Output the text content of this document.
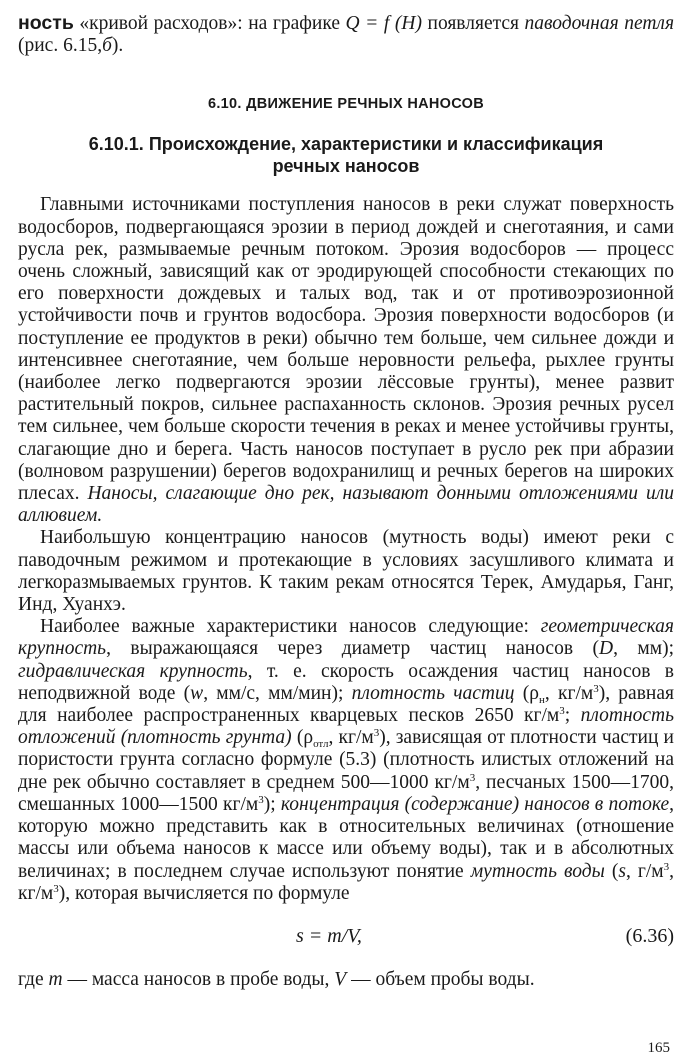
ность «кривой расходов»: на графике Q = f (H) появляется паводочная петля (рис. 6.15,б).

6.10. ДВИЖЕНИЕ РЕЧНЫХ НАНОСОВ
6.10.1. Происхождение, характеристики и классификация
речных наносов

Главными источниками поступления наносов в реки служат поверхность водосборов, подвергающаяся эрозии в период дождей и снеготаяния, и сами русла рек, размываемые речным потоком. Эрозия водосборов — процесс очень сложный, зависящий как от эродирующей способности стекающих по его поверхности дождевых и талых вод, так и от противоэрозионной устойчивости почв и грунтов водосбора. Эрозия поверхности водосборов (и поступление ее продуктов в реки) обычно тем больше, чем сильнее дожди и интенсивнее снеготаяние, чем больше неровности рельефа, рыхлее грунты (наиболее легко подвергаются эрозии лёссовые грунты), менее развит растительный покров, сильнее распаханность склонов. Эрозия речных русел тем сильнее, чем больше скорости течения в реках и менее устойчивы грунты, слагающие дно и берега. Часть наносов поступает в русло рек при абразии (волновом разрушении) берегов водохранилищ и речных берегов на широких плесах. Наносы, слагающие дно рек, называют донными отложениями или аллювием.

Наибольшую концентрацию наносов (мутность воды) имеют реки с паводочным режимом и протекающие в условиях засушливого климата и легкоразмываемых грунтов. К таким рекам относятся Терек, Амударья, Ганг, Инд, Хуанхэ.

Наиболее важные характеристики наносов следующие: геометрическая крупность, выражающаяся через диаметр частиц наносов (D, мм); гидравлическая крупность, т. е. скорость осаждения частиц наносов в неподвижной воде (w, мм/с, мм/мин); плотность частиц ($\rho_н$, $кг/м^3$), равная для наиболее распространенных кварцевых песков 2650 $кг/м^3$; плотность отложений (плотность грунта) ($\rho_{отл}$, $кг/м^3$), зависящая от плотности частиц и пористости грунта согласно формуле (5.3) (плотность илистых отложений на дне рек обычно составляет в среднем 500—1000 $кг/м^3$, песчаных 1500—1700, смешанных 1000—1500 $кг/м^3$); концентрация (содержание) наносов в потоке, которую можно представить как в относительных величинах (отношение массы или объема наносов к массе или объему воды), так и в абсолютных величинах; в последнем случае используют понятие мутность воды (s, $г/м^3$, $кг/м^3$), которая вычисляется по формуле

s = m/V,	(6.36)

где m — масса наносов в пробе воды, V — объем пробы воды.

165
